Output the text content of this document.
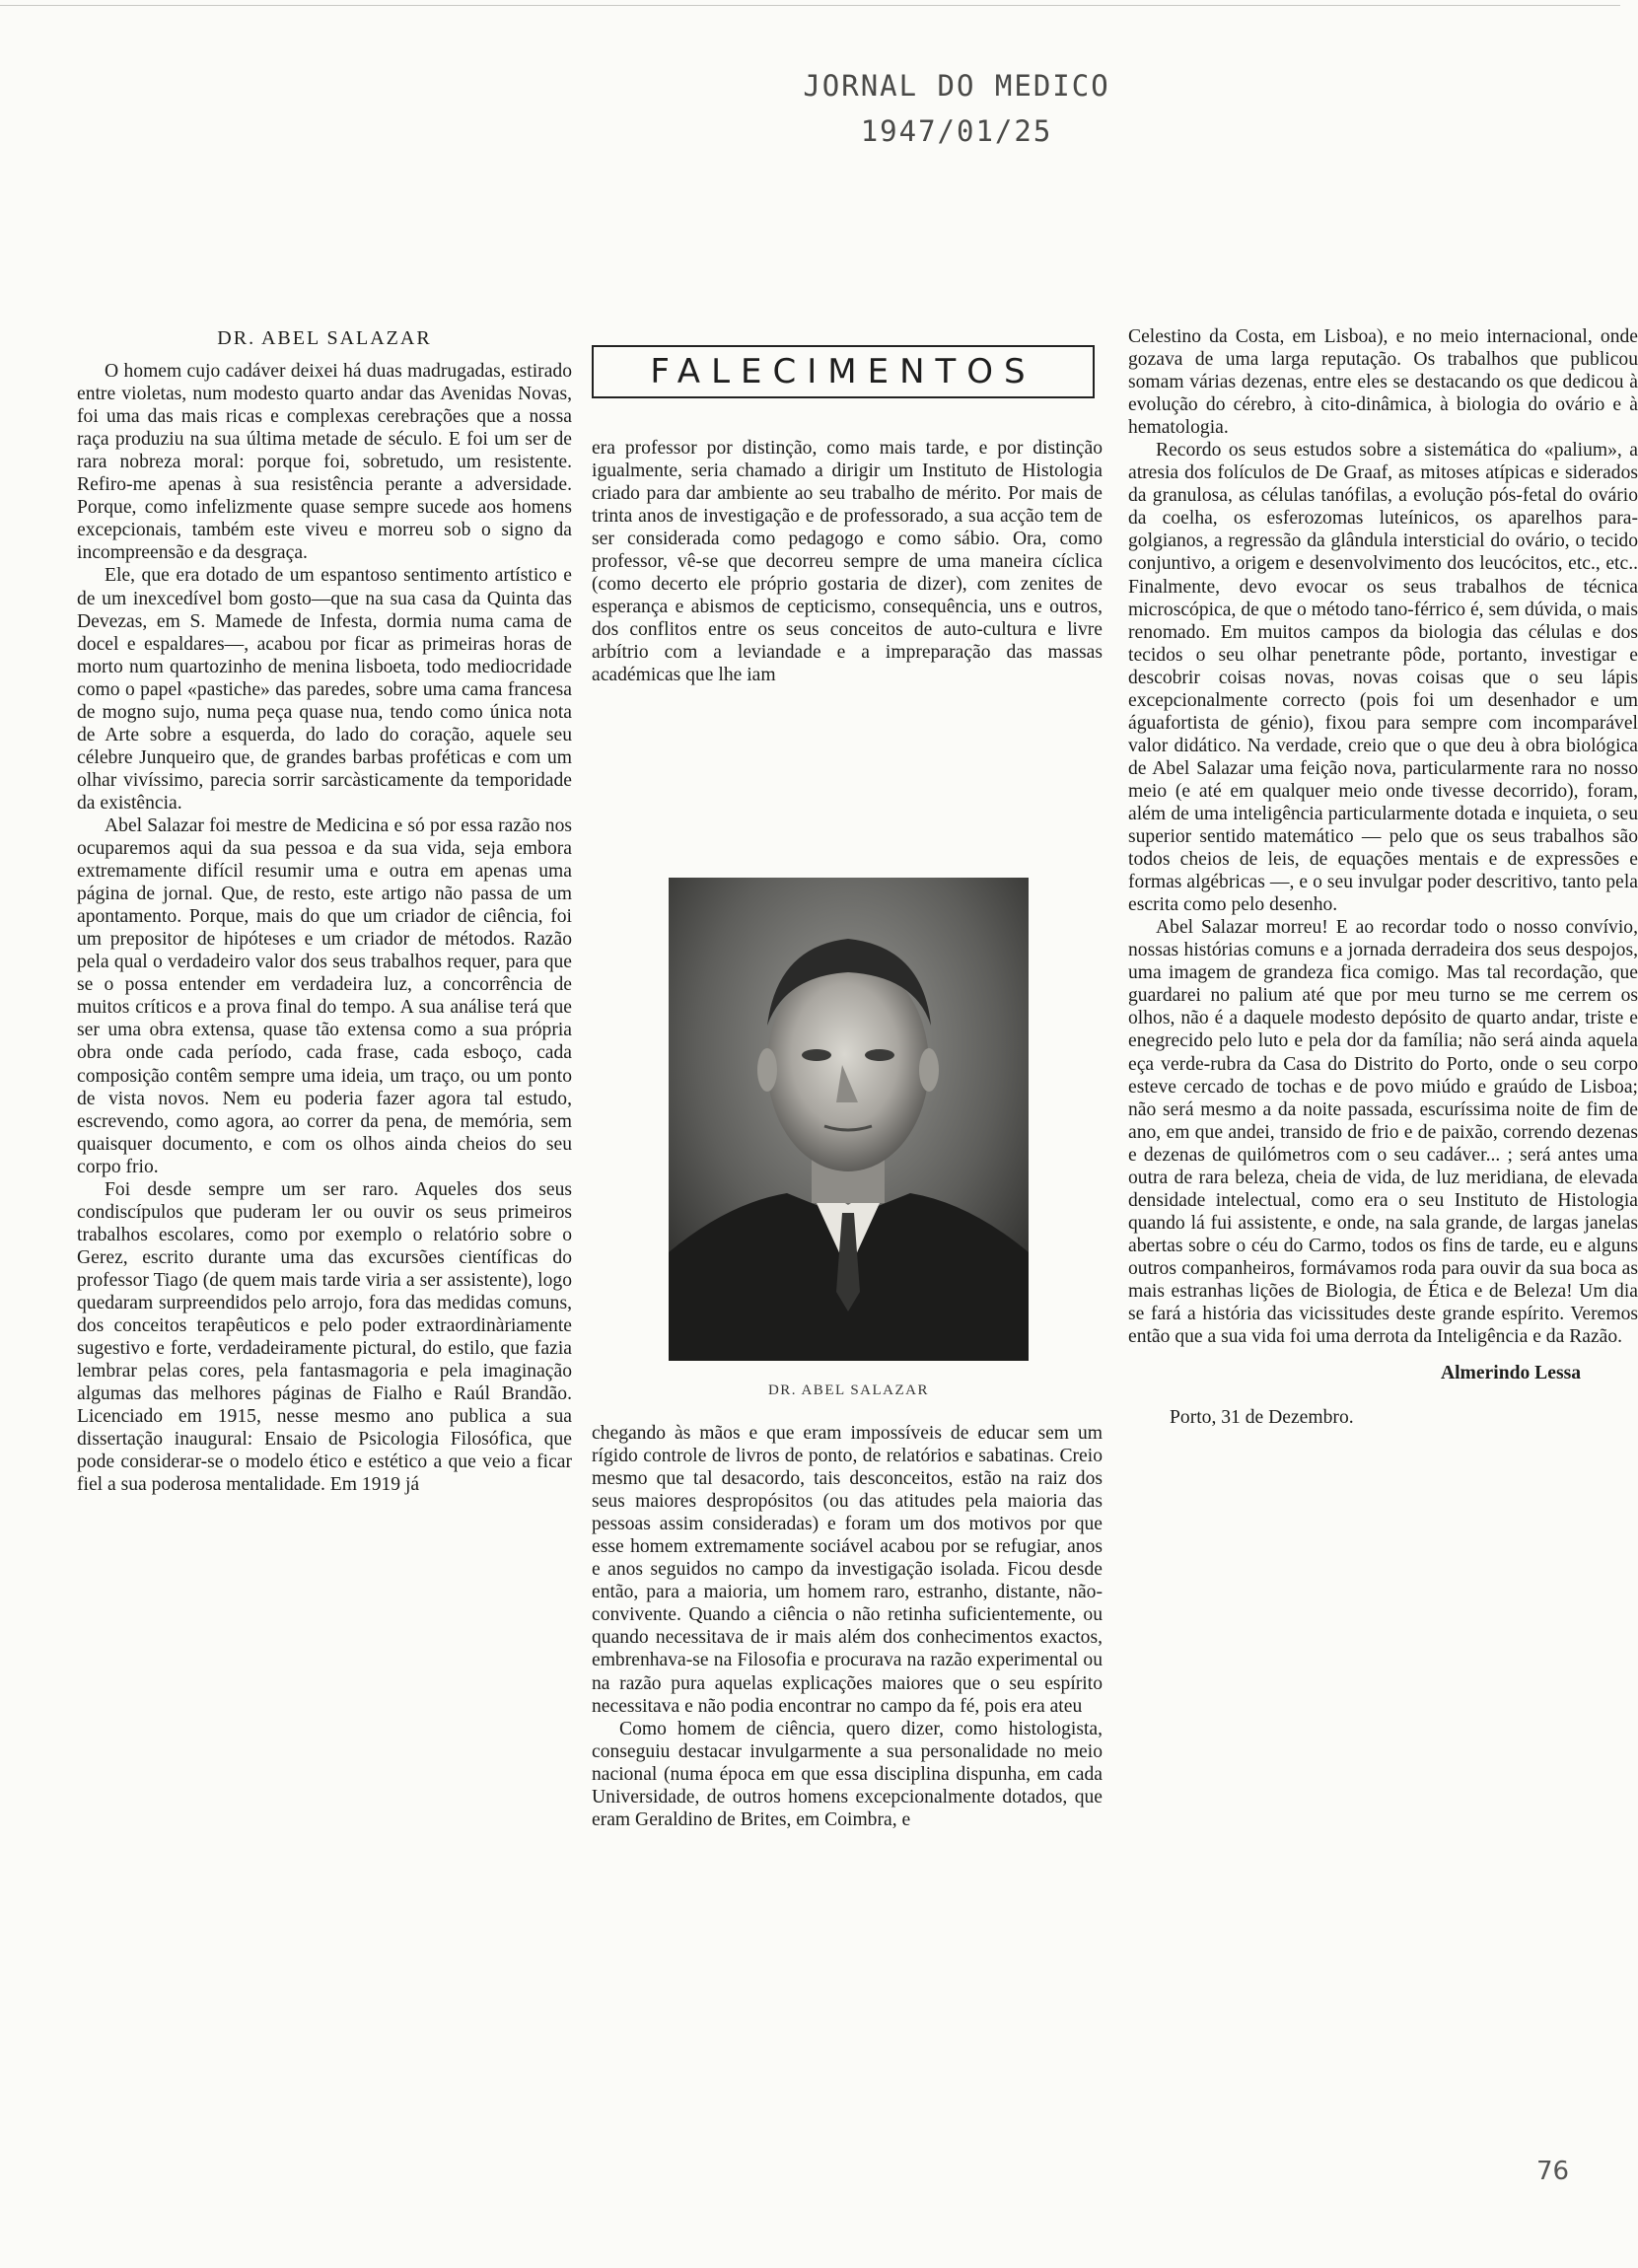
JORNAL DO MEDICO
1947/01/25

DR. ABEL SALAZAR

O homem cujo cadáver deixei há duas madrugadas, estirado entre violetas, num modesto quarto andar das Avenidas Novas, foi uma das mais ricas e complexas cerebrações que a nossa raça produziu na sua última metade de século. E foi um ser de rara nobreza moral: porque foi, sobretudo, um resistente. Refiro-me apenas à sua resistência perante a adversidade. Porque, como infelizmente quase sempre sucede aos homens excepcionais, também este viveu e morreu sob o signo da incompreensão e da desgraça.

Ele, que era dotado de um espantoso sentimento artístico e de um inexcedível bom gosto—que na sua casa da Quinta das Devezas, em S. Mamede de Infesta, dormia numa cama de docel e espaldares—, acabou por ficar as primeiras horas de morto num quartozinho de menina lisboeta, todo mediocridade como o papel «pastiche» das paredes, sobre uma cama francesa de mogno sujo, numa peça quase nua, tendo como única nota de Arte sobre a esquerda, do lado do coração, aquele seu célebre Junqueiro que, de grandes barbas proféticas e com um olhar vivíssimo, parecia sorrir sarcàsticamente da temporidade da existência.

Abel Salazar foi mestre de Medicina e só por essa razão nos ocuparemos aqui da sua pessoa e da sua vida, seja embora extremamente difícil resumir uma e outra em apenas uma página de jornal. Que, de resto, este artigo não passa de um apontamento. Porque, mais do que um criador de ciência, foi um prepositor de hipóteses e um criador de métodos. Razão pela qual o verdadeiro valor dos seus trabalhos requer, para que se o possa entender em verdadeira luz, a concorrência de muitos críticos e a prova final do tempo. A sua análise terá que ser uma obra extensa, quase tão extensa como a sua própria obra onde cada período, cada frase, cada esboço, cada composição contêm sempre uma ideia, um traço, ou um ponto de vista novos. Nem eu poderia fazer agora tal estudo, escrevendo, como agora, ao correr da pena, de memória, sem quaisquer documento, e com os olhos ainda cheios do seu corpo frio.

Foi desde sempre um ser raro. Aqueles dos seus condiscípulos que puderam ler ou ouvir os seus primeiros trabalhos escolares, como por exemplo o relatório sobre o Gerez, escrito durante uma das excursões científicas do professor Tiago (de quem mais tarde viria a ser assistente), logo quedaram surpreendidos pelo arrojo, fora das medidas comuns, dos conceitos terapêuticos e pelo poder extraordinàriamente sugestivo e forte, verdadeiramente pictural, do estilo, que fazia lembrar pelas cores, pela fantasmagoria e pela imaginação algumas das melhores páginas de Fialho e Raúl Brandão. Licenciado em 1915, nesse mesmo ano publica a sua dissertação inaugural: Ensaio de Psicologia Filosófica, que pode considerar-se o modelo ético e estético a que veio a ficar fiel a sua poderosa mentalidade. Em 1919 já

FALECIMENTOS

era professor por distinção, como mais tarde, e por distinção igualmente, seria chamado a dirigir um Instituto de Histologia criado para dar ambiente ao seu trabalho de mérito. Por mais de trinta anos de investigação e de professorado, a sua acção tem de ser considerada como pedagogo e como sábio. Ora, como professor, vê-se que decorreu sempre de uma maneira cíclica (como decerto ele próprio gostaria de dizer), com zenites de esperança e abismos de cepticismo, consequência, uns e outros, dos conflitos entre os seus conceitos de auto-cultura e livre arbítrio com a leviandade e a impreparação das massas académicas que lhe iam

DR. ABEL SALAZAR

chegando às mãos e que eram impossíveis de educar sem um rígido controle de livros de ponto, de relatórios e sabatinas. Creio mesmo que tal desacordo, tais desconceitos, estão na raiz dos seus maiores despropósitos (ou das atitudes pela maioria das pessoas assim consideradas) e foram um dos motivos por que esse homem extremamente sociável acabou por se refugiar, anos e anos seguidos no campo da investigação isolada. Ficou desde então, para a maioria, um homem raro, estranho, distante, não-convivente. Quando a ciência o não retinha suficientemente, ou quando necessitava de ir mais além dos conhecimentos exactos, embrenhava-se na Filosofia e procurava na razão experimental ou na razão pura aquelas explicações maiores que o seu espírito necessitava e não podia encontrar no campo da fé, pois era ateu

Como homem de ciência, quero dizer, como histologista, conseguiu destacar invulgarmente a sua personalidade no meio nacional (numa época em que essa disciplina dispunha, em cada Universidade, de outros homens excepcionalmente dotados, que eram Geraldino de Brites, em Coimbra, e

Celestino da Costa, em Lisboa), e no meio internacional, onde gozava de uma larga reputação. Os trabalhos que publicou somam várias dezenas, entre eles se destacando os que dedicou à evolução do cérebro, à cito-dinâmica, à biologia do ovário e à hematologia.

Recordo os seus estudos sobre a sistemática do «palium», a atresia dos folículos de De Graaf, as mitoses atípicas e siderados da granulosa, as células tanófilas, a evolução pós-fetal do ovário da coelha, os esferozomas luteínicos, os aparelhos para-golgianos, a regressão da glândula intersticial do ovário, o tecido conjuntivo, a origem e desenvolvimento dos leucócitos, etc., etc.. Finalmente, devo evocar os seus trabalhos de técnica microscópica, de que o método tano-férrico é, sem dúvida, o mais renomado. Em muitos campos da biologia das células e dos tecidos o seu olhar penetrante pôde, portanto, investigar e descobrir coisas novas, novas coisas que o seu lápis excepcionalmente correcto (pois foi um desenhador e um águafortista de génio), fixou para sempre com incomparável valor didático. Na verdade, creio que o que deu à obra biológica de Abel Salazar uma feição nova, particularmente rara no nosso meio (e até em qualquer meio onde tivesse decorrido), foram, além de uma inteligência particularmente dotada e inquieta, o seu superior sentido matemático — pelo que os seus trabalhos são todos cheios de leis, de equações mentais e de expressões e formas algébricas —, e o seu invulgar poder descritivo, tanto pela escrita como pelo desenho.

Abel Salazar morreu! E ao recordar todo o nosso convívio, nossas histórias comuns e a jornada derradeira dos seus despojos, uma imagem de grandeza fica comigo. Mas tal recordação, que guardarei no palium até que por meu turno se me cerrem os olhos, não é a daquele modesto depósito de quarto andar, triste e enegrecido pelo luto e pela dor da família; não será ainda aquela eça verde-rubra da Casa do Distrito do Porto, onde o seu corpo esteve cercado de tochas e de povo miúdo e graúdo de Lisboa; não será mesmo a da noite passada, escuríssima noite de fim de ano, em que andei, transido de frio e de paixão, correndo dezenas e dezenas de quilómetros com o seu cadáver... ; será antes uma outra de rara beleza, cheia de vida, de luz meridiana, de elevada densidade intelectual, como era o seu Instituto de Histologia quando lá fui assistente, e onde, na sala grande, de largas janelas abertas sobre o céu do Carmo, todos os fins de tarde, eu e alguns outros companheiros, formávamos roda para ouvir da sua boca as mais estranhas lições de Biologia, de Ética e de Beleza! Um dia se fará a história das vicissitudes deste grande espírito. Veremos então que a sua vida foi uma derrota da Inteligência e da Razão.

Almerindo Lessa

Porto, 31 de Dezembro.

76
